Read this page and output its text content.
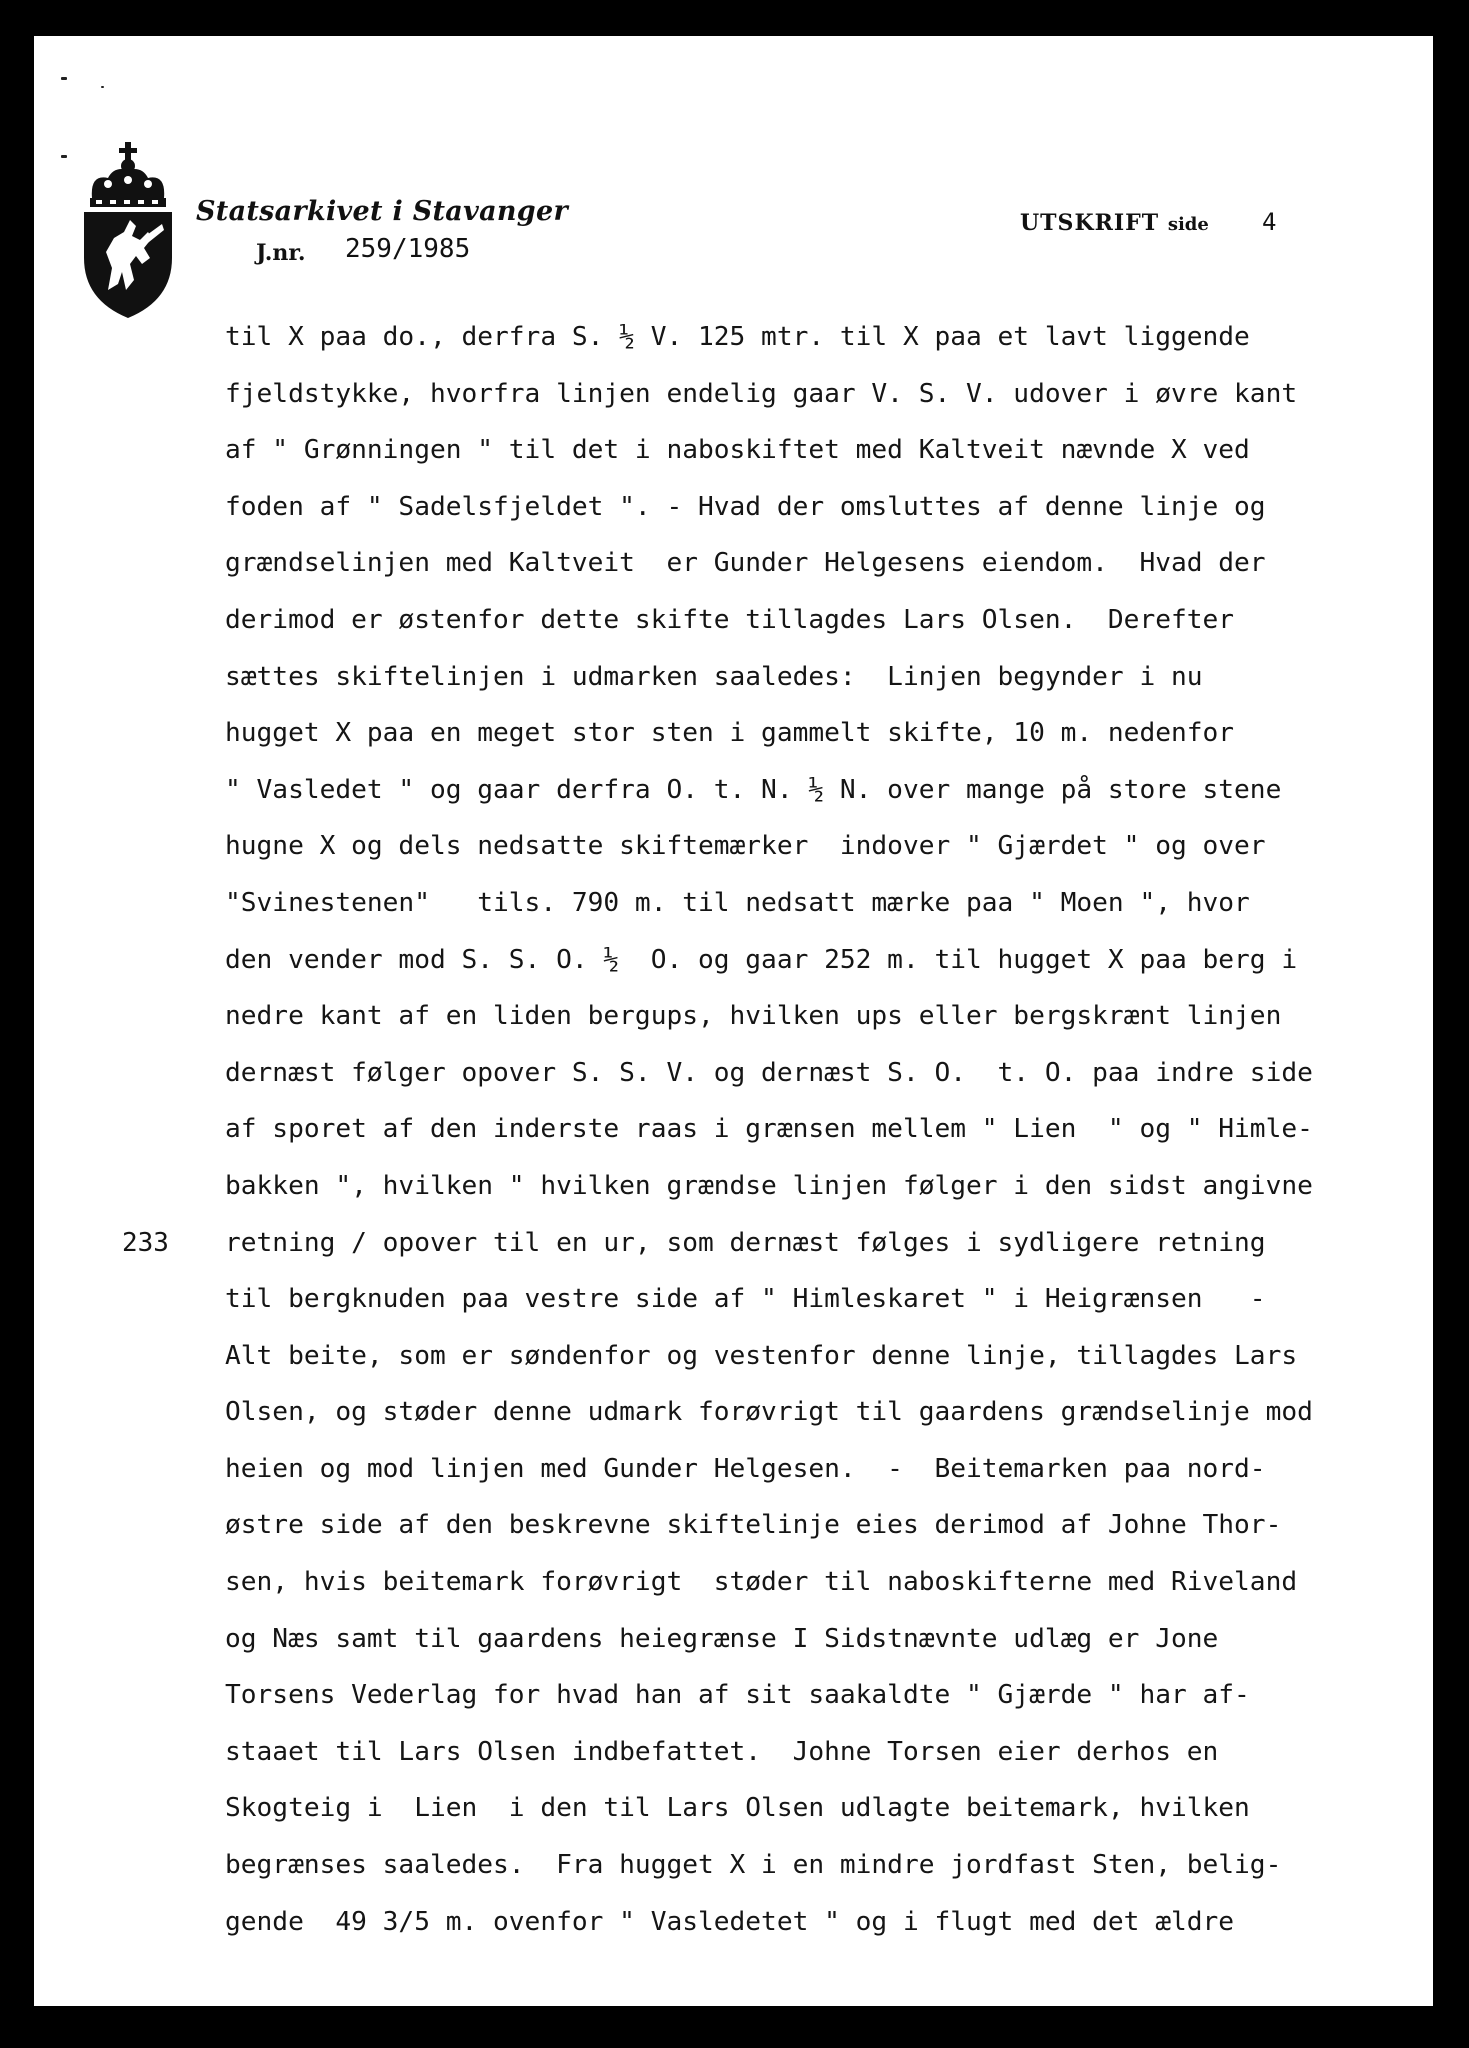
Statsarkivet i Stavanger
J.nr. 259/1985
UTSKRIFT side 4
233
til X paa do., derfra S. ½ V. 125 mtr. til X paa et lavt liggende
fjeldstykke, hvorfra linjen endelig gaar V. S. V. udover i øvre kant
af " Grønningen " til det i naboskiftet med Kaltveit nævnde X ved
foden af " Sadelsfjeldet ". - Hvad der omsluttes af denne linje og
grændselinjen med Kaltveit  er Gunder Helgesens eiendom.  Hvad der
derimod er østenfor dette skifte tillagdes Lars Olsen.  Derefter
sættes skiftelinjen i udmarken saaledes:  Linjen begynder i nu
hugget X paa en meget stor sten i gammelt skifte, 10 m. nedenfor
" Vasledet " og gaar derfra O. t. N. ½ N. over mange på store stene
hugne X og dels nedsatte skiftemærker  indover " Gjærdet " og over
"Svinestenen"   tils. 790 m. til nedsatt mærke paa " Moen ", hvor
den vender mod S. S. O. ½  O. og gaar 252 m. til hugget X paa berg i
nedre kant af en liden bergups, hvilken ups eller bergskrænt linjen
dernæst følger opover S. S. V. og dernæst S. O.  t. O. paa indre side
af sporet af den inderste raas i grænsen mellem " Lien  " og " Himle-
bakken ", hvilken " hvilken grændse linjen følger i den sidst angivne
retning / opover til en ur, som dernæst følges i sydligere retning
til bergknuden paa vestre side af " Himleskaret " i Heigrænsen   -
Alt beite, som er søndenfor og vestenfor denne linje, tillagdes Lars
Olsen, og støder denne udmark forøvrigt til gaardens grændselinje mod
heien og mod linjen med Gunder Helgesen.  -  Beitemarken paa nord-
østre side af den beskrevne skiftelinje eies derimod af Johne Thor-
sen, hvis beitemark forøvrigt  støder til naboskifterne med Riveland
og Næs samt til gaardens heiegrænse I Sidstnævnte udlæg er Jone
Torsens Vederlag for hvad han af sit saakaldte " Gjærde " har af-
staaet til Lars Olsen indbefattet.  Johne Torsen eier derhos en
Skogteig i  Lien  i den til Lars Olsen udlagte beitemark, hvilken
begrænses saaledes.  Fra hugget X i en mindre jordfast Sten, belig-
gende  49 3/5 m. ovenfor " Vasledetet " og i flugt med det ældre
